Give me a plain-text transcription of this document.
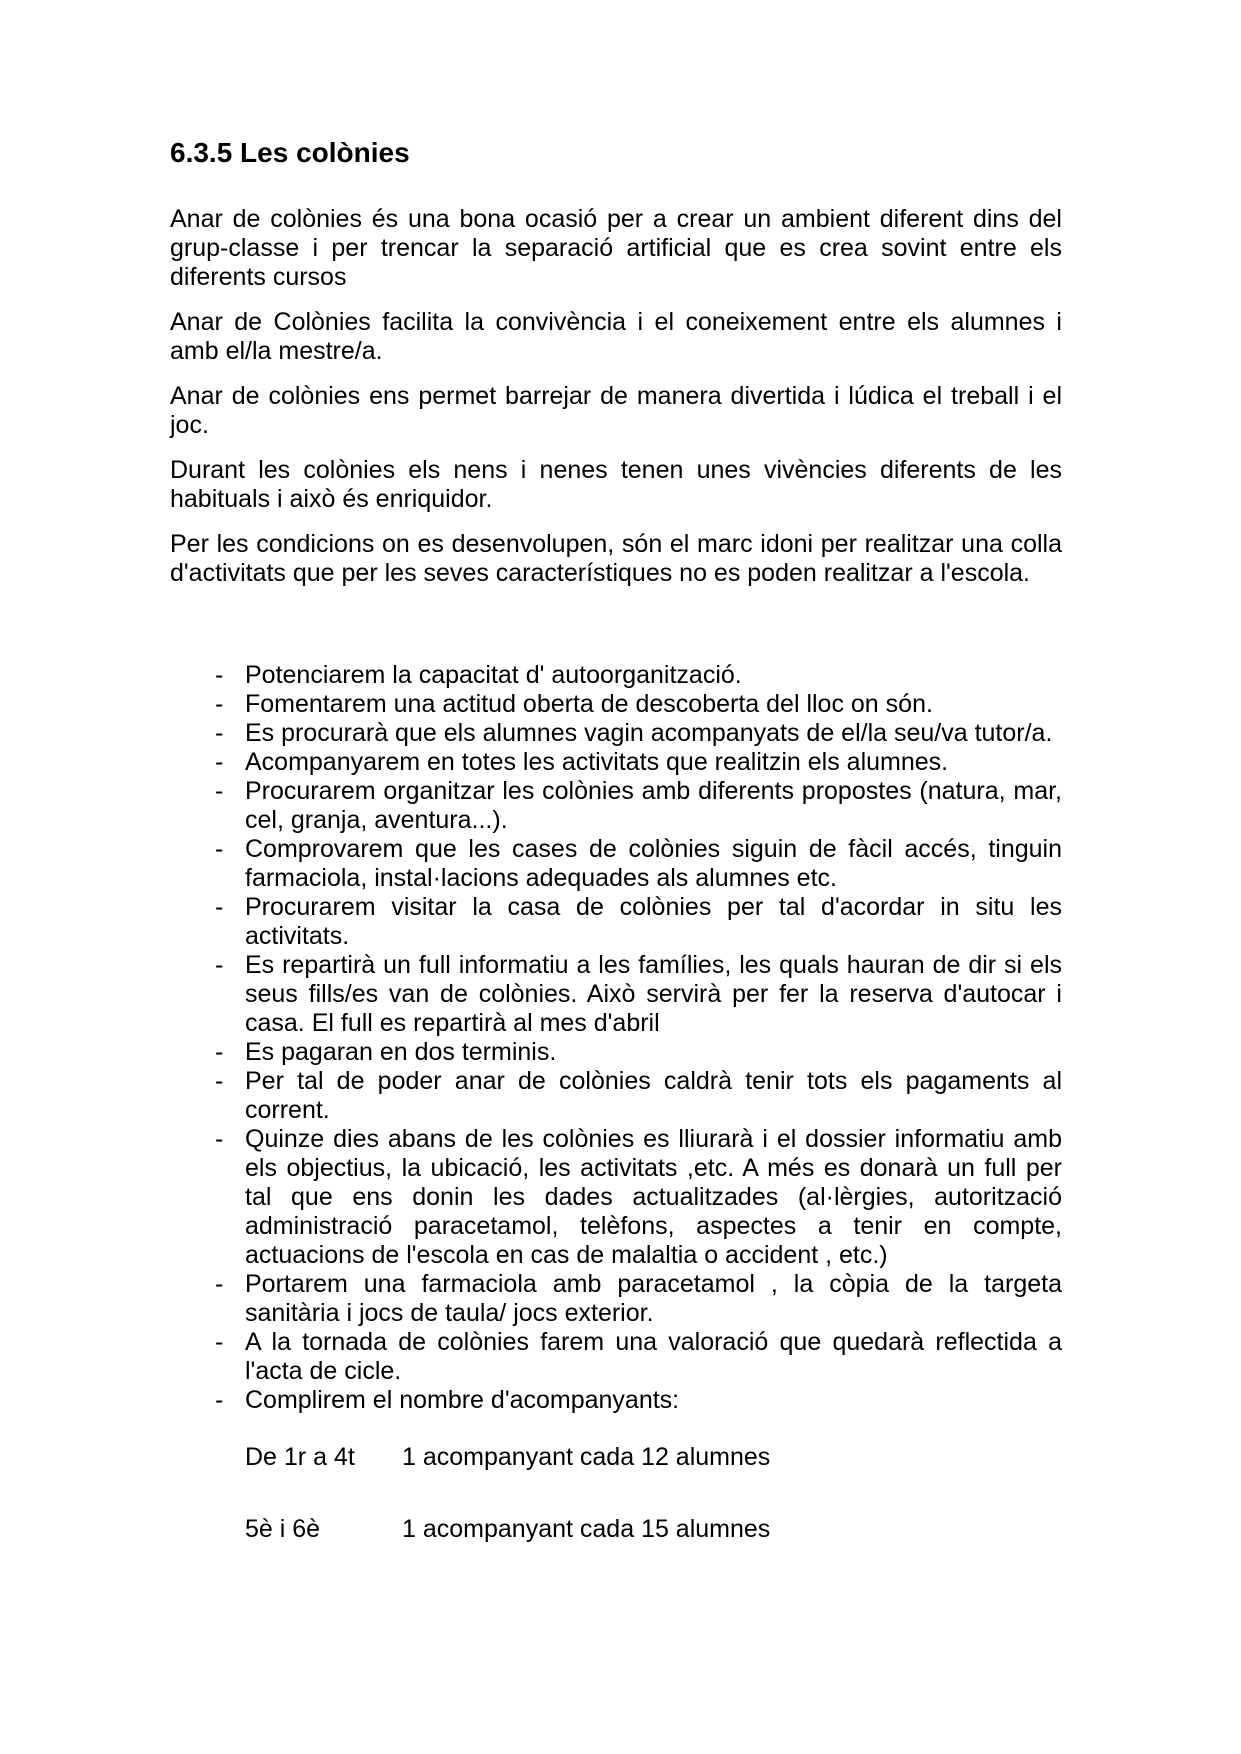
6.3.5 Les colònies

Anar de colònies és una bona ocasió per a crear un ambient diferent dins del grup-classe i per trencar la separació artificial que es crea sovint entre els diferents cursos

Anar de Colònies facilita la convivència i el coneixement entre els alumnes i amb el/la mestre/a.

Anar de colònies ens permet barrejar de manera divertida i lúdica el treball i el joc.

Durant les colònies els nens i nenes tenen unes vivències diferents de les habituals i això és enriquidor.

Per les condicions on es desenvolupen, són el marc idoni per realitzar una colla d'activitats que per les seves característiques no es poden realitzar a l'escola.

- Potenciarem la capacitat d' autoorganització.
- Fomentarem una actitud oberta de descoberta del lloc on són.
- Es procurarà que els alumnes vagin acompanyats de el/la seu/va tutor/a.
- Acompanyarem en totes les activitats que realitzin els alumnes.
- Procurarem organitzar les colònies amb diferents propostes (natura, mar, cel, granja, aventura...).
- Comprovarem que les cases de colònies siguin de fàcil accés, tinguin farmaciola, instal·lacions adequades als alumnes etc.
- Procurarem visitar la casa de colònies per tal d'acordar in situ les activitats.
- Es repartirà un full informatiu a les famílies, les quals hauran de dir si els seus fills/es van de colònies. Això servirà per fer la reserva d'autocar i casa. El full es repartirà al mes d'abril
- Es pagaran en dos terminis.
- Per tal de poder anar de colònies caldrà tenir tots els pagaments al corrent.
- Quinze dies abans de les colònies es lliurarà i el dossier informatiu amb els objectius, la ubicació, les activitats ,etc. A més es donarà un full per tal que ens donin les dades actualitzades (al·lèrgies, autorització administració paracetamol, telèfons, aspectes a tenir en compte, actuacions de l'escola en cas de malaltia o accident , etc.)
- Portarem una farmaciola amb paracetamol , la còpia de la targeta sanitària i jocs de taula/ jocs exterior.
- A la tornada de colònies farem una valoració que quedarà reflectida a l'acta de cicle.
- Complirem el nombre d'acompanyants:
De 1r a 4t	1 acompanyant cada 12 alumnes
5è i 6è	1 acompanyant cada 15 alumnes
